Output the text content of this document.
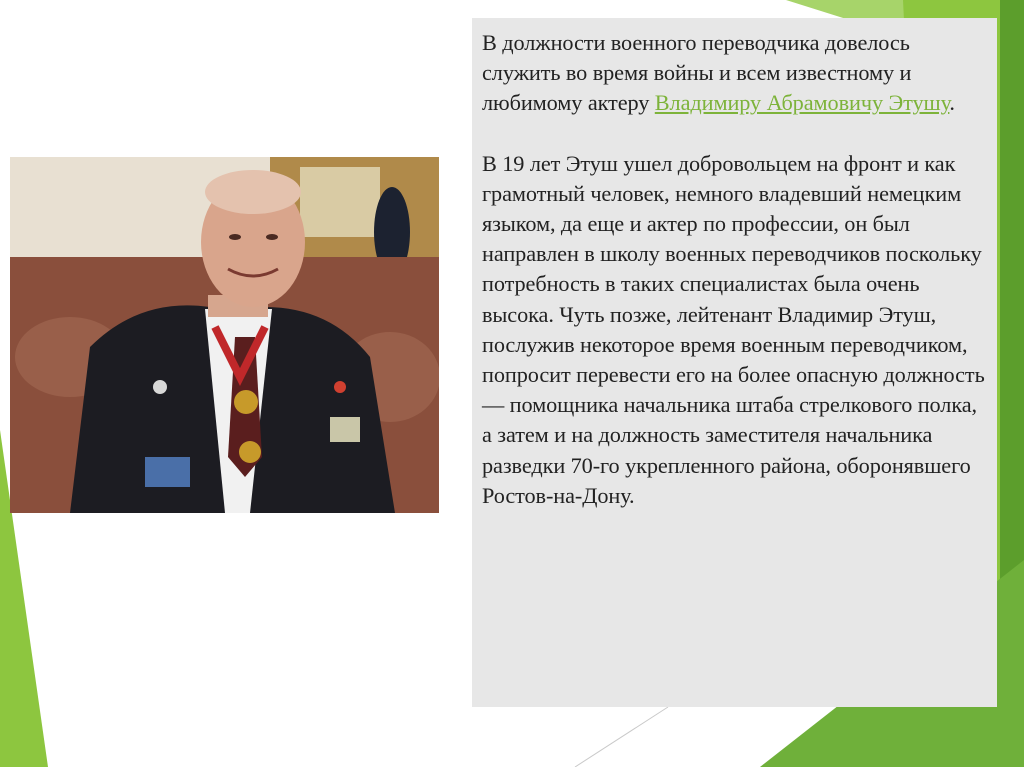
В должности военного переводчика довелось служить во время войны и всем известному и любимому актеру Владимиру Абрамовичу Этушу.

В 19 лет Этуш ушел добровольцем на фронт и как грамотный человек, немного владевший немецким языком, да еще и актер по профессии, он был направлен в школу военных переводчиков поскольку потребность в таких специалистах была очень высока. Чуть позже, лейтенант Владимир Этуш, послужив некоторое время военным переводчиком, попросит перевести его на более опасную должность — помощника начальника штаба стрелкового полка, а затем и на должность заместителя начальника разведки 70-го укрепленного района, оборонявшего Ростов-на-Дону.
